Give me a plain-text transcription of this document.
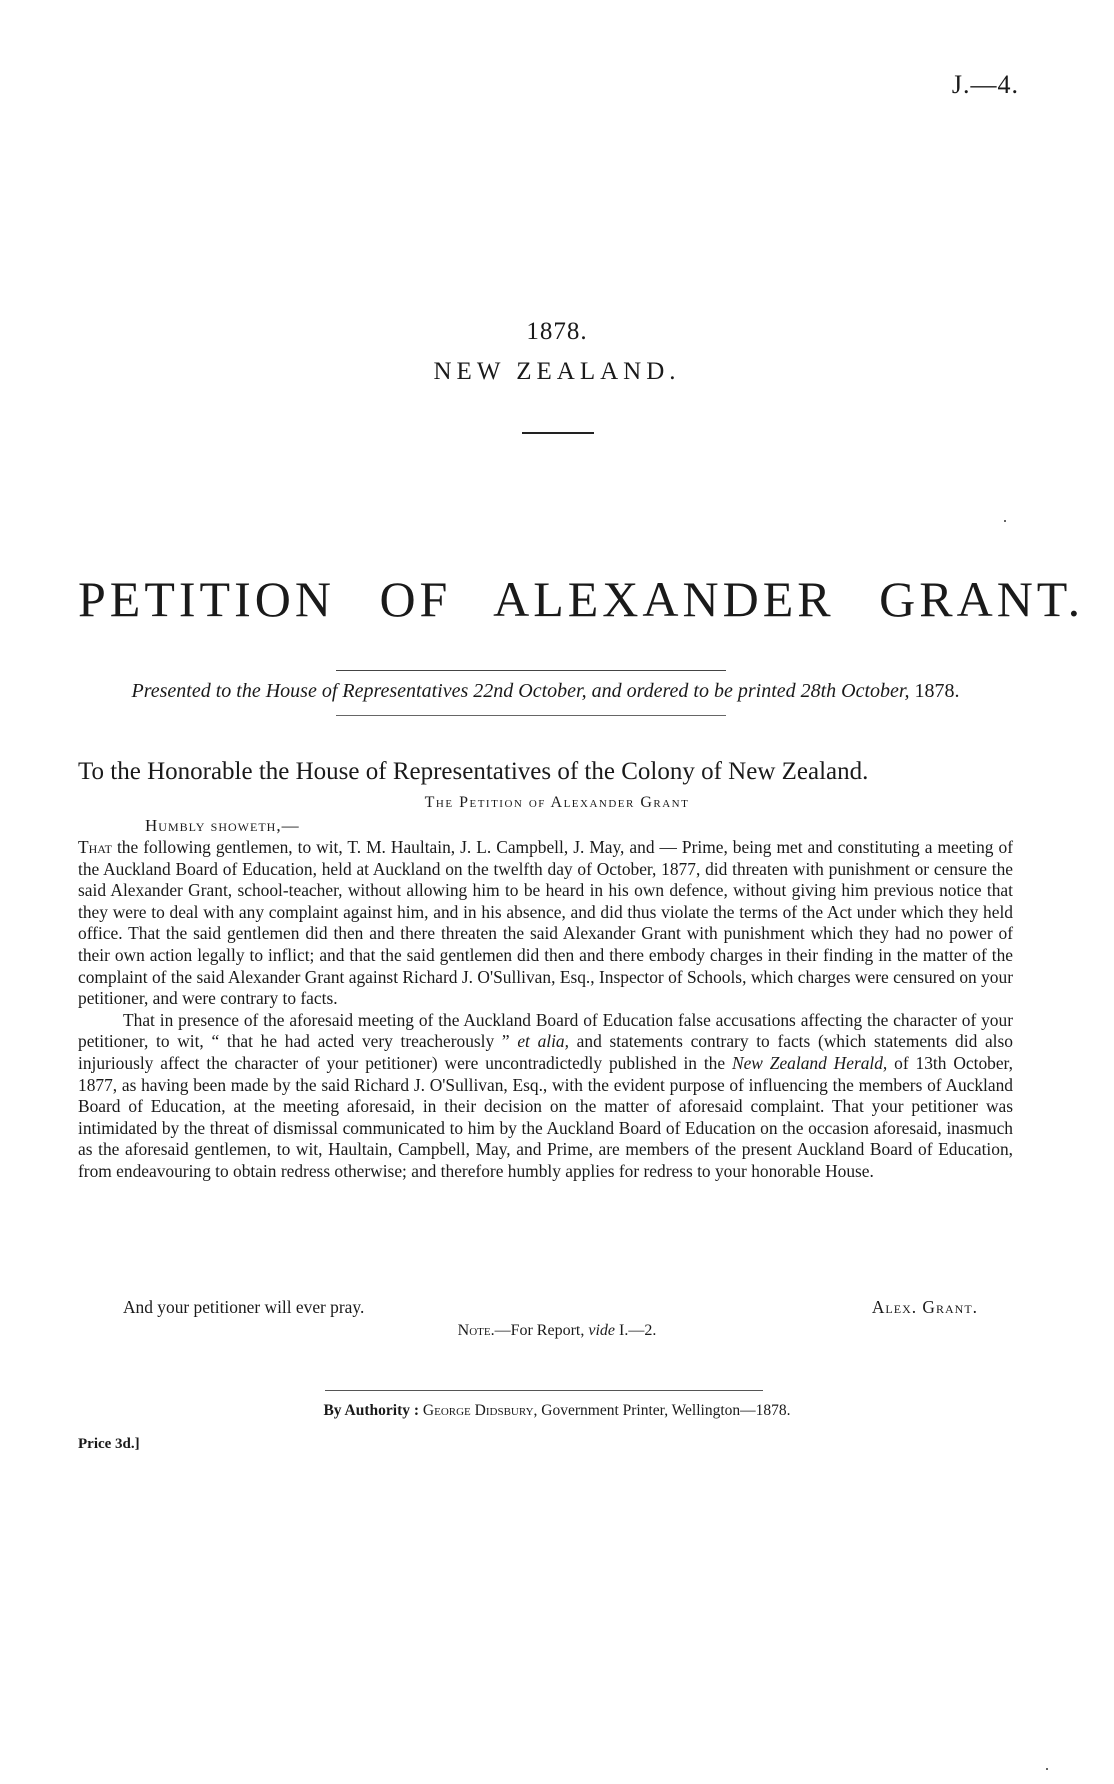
J.—4.
1878.
NEW ZEALAND.
PETITION OF ALEXANDER GRANT.
Presented to the House of Representatives 22nd October, and ordered to be printed 28th October, 1878.
To the Honorable the House of Representatives of the Colony of New Zealand.
The Petition of Alexander Grant
Humbly showeth,—

That the following gentlemen, to wit, T. M. Haultain, J. L. Campbell, J. May, and — Prime, being met and constituting a meeting of the Auckland Board of Education, held at Auckland on the twelfth day of October, 1877, did threaten with punishment or censure the said Alexander Grant, school-teacher, without allowing him to be heard in his own defence, without giving him previous notice that they were to deal with any complaint against him, and in his absence, and did thus violate the terms of the Act under which they held office. That the said gentlemen did then and there threaten the said Alexander Grant with punishment which they had no power of their own action legally to inflict; and that the said gentlemen did then and there embody charges in their finding in the matter of the complaint of the said Alexander Grant against Richard J. O'Sullivan, Esq., Inspector of Schools, which charges were censured on your petitioner, and were contrary to facts.

That in presence of the aforesaid meeting of the Auckland Board of Education false accusations affecting the character of your petitioner, to wit, “ that he had acted very treacherously ” et alia, and statements contrary to facts (which statements did also injuriously affect the character of your petitioner) were uncontradictedly published in the New Zealand Herald, of 13th October, 1877, as having been made by the said Richard J. O'Sullivan, Esq., with the evident purpose of influencing the members of Auckland Board of Education, at the meeting aforesaid, in their decision on the matter of aforesaid complaint. That your petitioner was intimidated by the threat of dismissal communicated to him by the Auckland Board of Education on the occasion aforesaid, inasmuch as the aforesaid gentlemen, to wit, Haultain, Campbell, May, and Prime, are members of the present Auckland Board of Education, from endeavouring to obtain redress otherwise; and therefore humbly applies for redress to your honorable House.

And your petitioner will ever pray.	Alex. Grant.
Note.—For Report, vide I.—2.
By Authority : George Didsbury, Government Printer, Wellington—1878.
Price 3d.]
